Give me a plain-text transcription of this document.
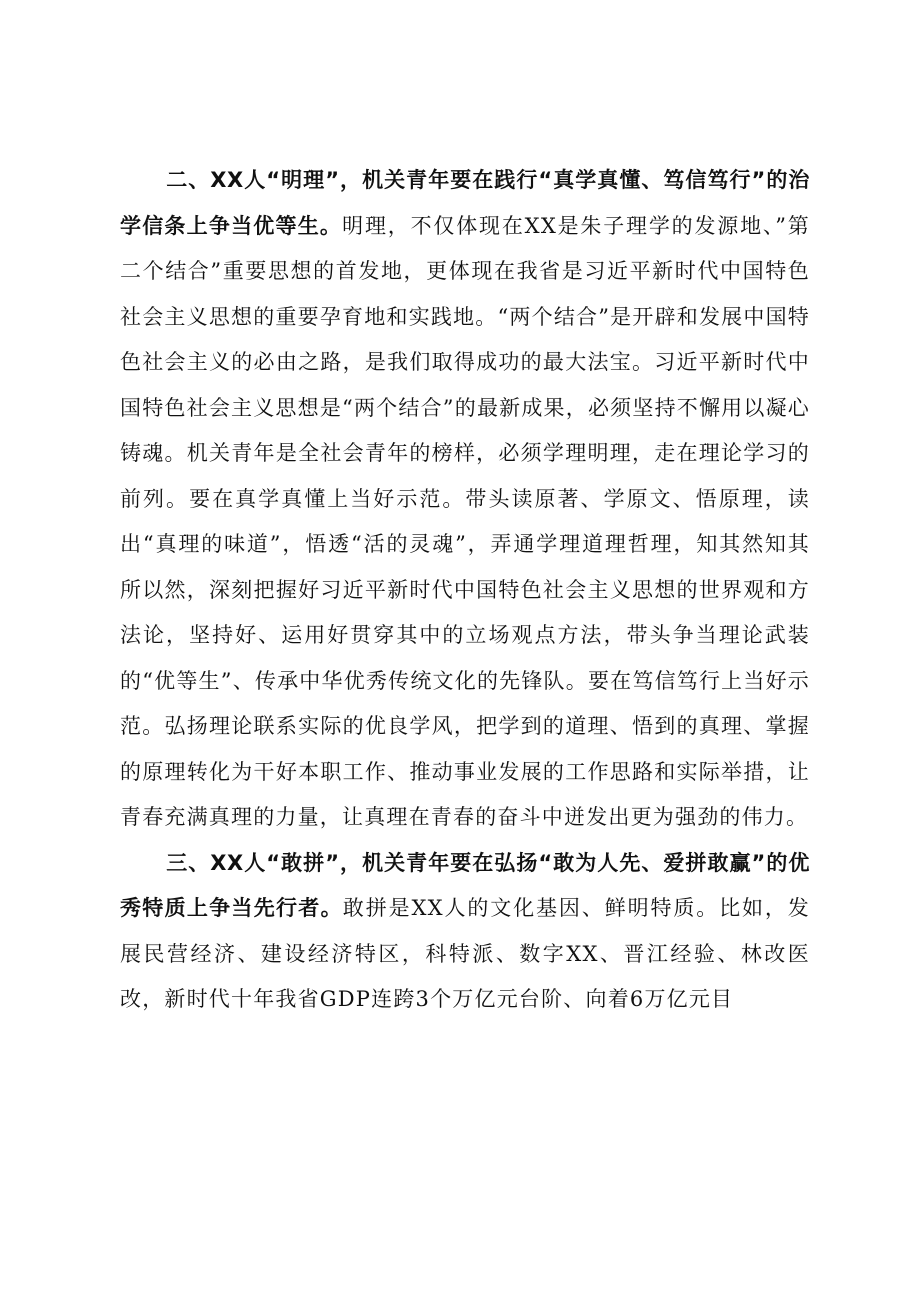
二、XX人“明理”，机关青年要在践行“真学真懂、笃信笃行”的治学信条上争当优等生。明理，不仅体现在XX是朱子理学的发源地、”第二个结合”重要思想的首发地，更体现在我省是习近平新时代中国特色社会主义思想的重要孕育地和实践地。“两个结合”是开辟和发展中国特色社会主义的必由之路，是我们取得成功的最大法宝。习近平新时代中国特色社会主义思想是“两个结合”的最新成果，必须坚持不懈用以凝心铸魂。机关青年是全社会青年的榜样，必须学理明理，走在理论学习的前列。要在真学真懂上当好示范。带头读原著、学原文、悟原理，读出“真理的味道”，悟透“活的灵魂”，弄通学理道理哲理，知其然知其所以然，深刻把握好习近平新时代中国特色社会主义思想的世界观和方法论，坚持好、运用好贯穿其中的立场观点方法，带头争当理论武装的“优等生”、传承中华优秀传统文化的先锋队。要在笃信笃行上当好示范。弘扬理论联系实际的优良学风，把学到的道理、悟到的真理、掌握的原理转化为干好本职工作、推动事业发展的工作思路和实际举措，让青春充满真理的力量，让真理在青春的奋斗中迸发出更为强劲的伟力。

三、XX人“敢拼”，机关青年要在弘扬“敢为人先、爱拼敢赢”的优秀特质上争当先行者。敢拼是XX人的文化基因、鲜明特质。比如，发展民营经济、建设经济特区，科特派、数字XX、晋江经验、林改医改，新时代十年我省GDP连跨3个万亿元台阶、向着6万亿元目
